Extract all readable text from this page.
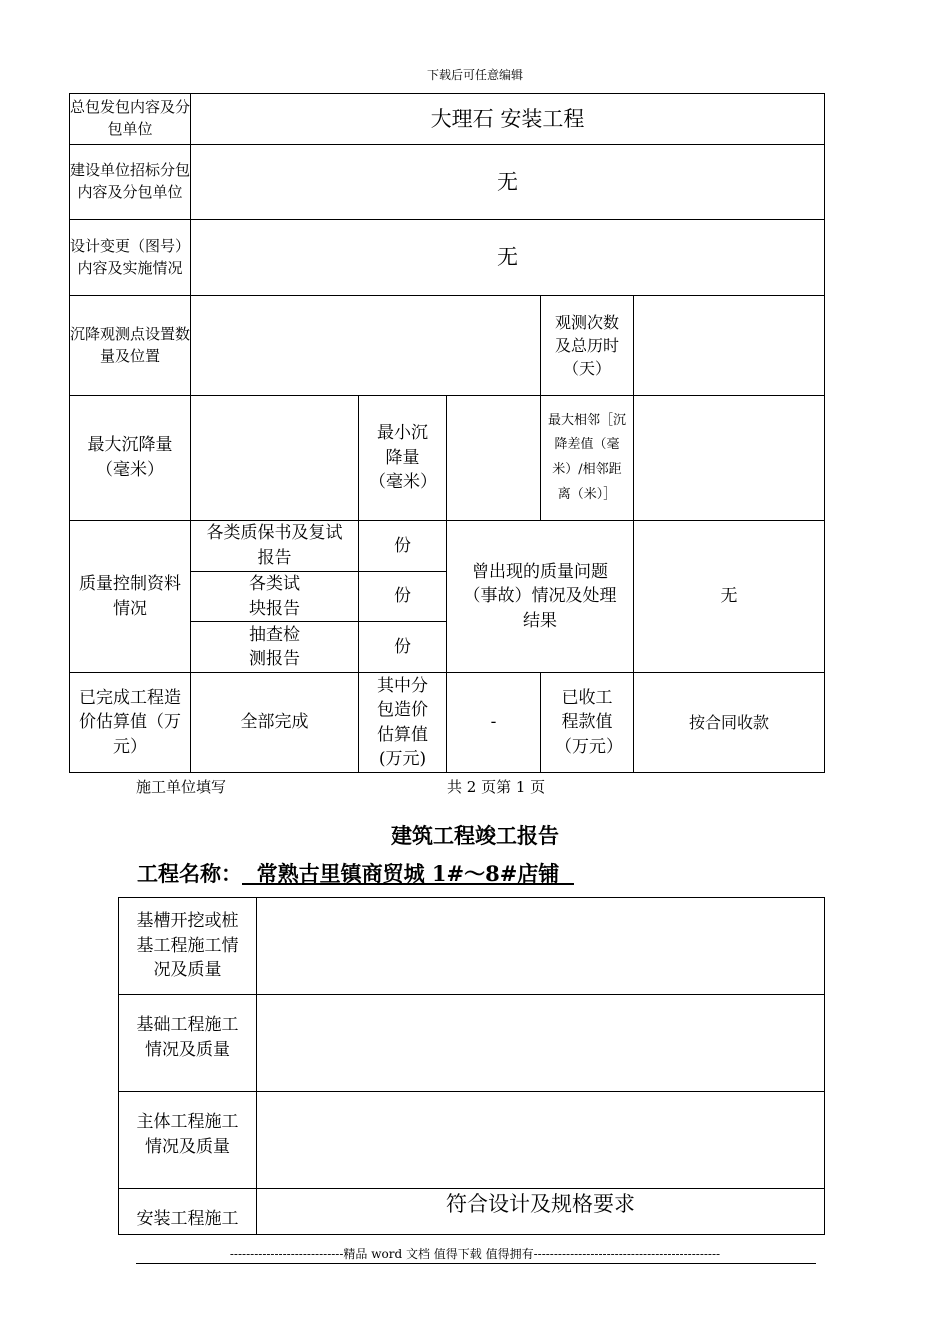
下载后可任意编辑
总包发包内容及分包单位	大理石 安装工程				
建设单位招标分包内容及分包单位	无				
设计变更（图号）内容及实施情况	无				
沉降观测点设置数量及位置				观测次数及总历时（天）	
最大沉降量（毫米）		最小沉降量（毫米）		最大相邻［沉降差值（毫米）/相邻距离（米）］	
质量控制资料情况	各类质保书及复试报告	份	曾出现的质量问题（事故）情况及处理结果		无
	各类试块报告	份			
	抽查检测报告	份			
已完成工程造价估算值（万元）	全部完成	其中分包造价估算值(万元)	-	已收工程款值（万元）	按合同收款
施工单位填写	共 2 页第 1 页
建筑工程竣工报告
工程名称：  常熟古里镇商贸城 1#～8#店铺
基槽开挖或桩基工程施工情况及质量	
基础工程施工情况及质量	
主体工程施工情况及质量	
安装工程施工	符合设计及规格要求
----------------------------精品 word 文档 值得下载 值得拥有----------------------------------------------
